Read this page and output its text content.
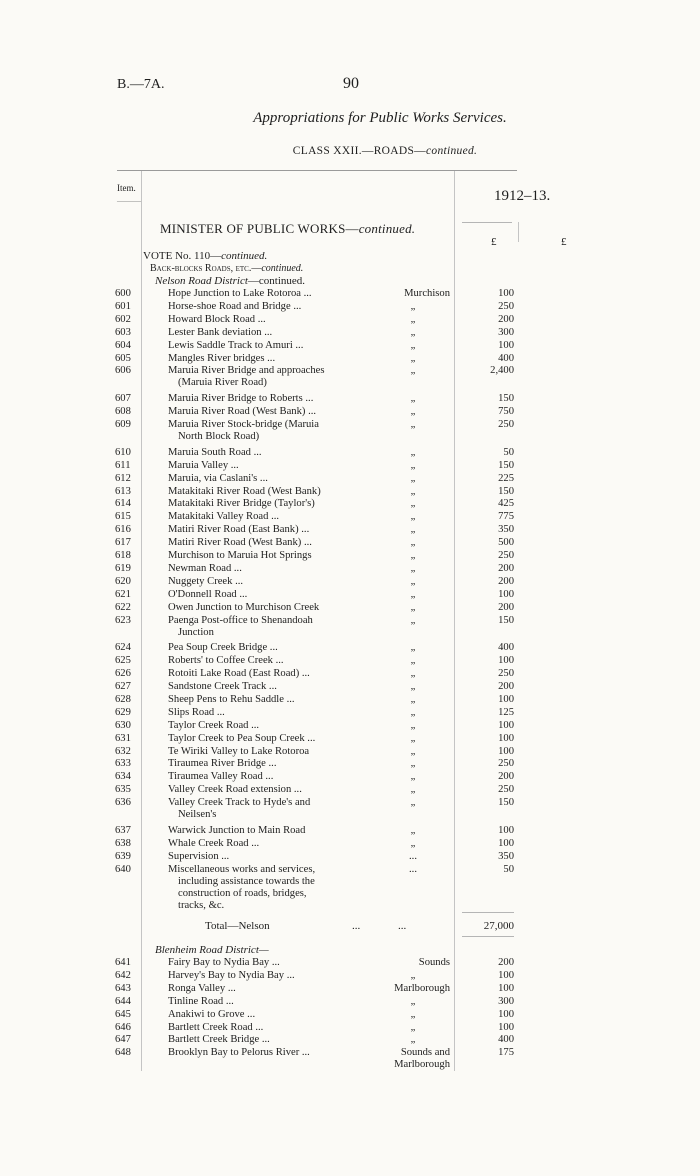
B.—7A.	90
Appropriations for Public Works Services.
CLASS XXII.—ROADS—continued.
Item.
———	1912–13.
MINISTER OF PUBLIC WORKS—continued.
£	£
VOTE No. 110—continued.
Back-blocks Roads, etc.—continued.
Nelson Road District—continued.
600	Hope Junction to Lake Rotoroa ...	Murchison	100
601	Horse-shoe Road and Bridge ...	„	250
602	Howard Block Road ...	„	200
603	Lester Bank deviation ...	„	300
604	Lewis Saddle Track to Amuri ...	„	100
605	Mangles River bridges ...	„	400
606	Maruia River Bridge and approaches
(Maruia River Road)
„	2,400
607	Maruia River Bridge to Roberts ...	„	150
608	Maruia River Road (West Bank) ...	„	750
609	Maruia River Stock-bridge (Maruia
North Block Road)
„	250
610	Maruia South Road ...	„	50
611	Maruia Valley ...	„	150
612	Maruia, via Caslani's ...	„	225
613	Matakitaki River Road (West Bank)	„	150
614	Matakitaki River Bridge (Taylor's)	„	425
615	Matakitaki Valley Road ...	„	775
616	Matiri River Road (East Bank) ...	„	350
617	Matiri River Road (West Bank) ...	„	500
618	Murchison to Maruia Hot Springs	„	250
619	Newman Road ...	„	200
620	Nuggety Creek ...	„	200
621	O'Donnell Road ...	„	100
622	Owen Junction to Murchison Creek	„	200
623	Paenga Post-office to Shenandoah
Junction
„	150
624	Pea Soup Creek Bridge ...	„	400
625	Roberts' to Coffee Creek ...	„	100
626	Rotoiti Lake Road (East Road) ...	„	250
627	Sandstone Creek Track ...	„	200
628	Sheep Pens to Rehu Saddle ...	„	100
629	Slips Road ...	„	125
630	Taylor Creek Road ...	„	100
631	Taylor Creek to Pea Soup Creek ...	„	100
632	Te Wiriki Valley to Lake Rotoroa	„	100
633	Tiraumea River Bridge ...	„	250
634	Tiraumea Valley Road ...	„	200
635	Valley Creek Road extension ...	„	250
636	Valley Creek Track to Hyde's and
Neilsen's
„	150
637	Warwick Junction to Main Road	„	100
638	Whale Creek Road ...	„	100
639	Supervision ...	...	350
640	Miscellaneous works and services,
including assistance towards the
construction of roads, bridges,
tracks, &c.
...	50
Total—Nelson	...	...	27,000
Blenheim Road District—
641	Fairy Bay to Nydia Bay ...	Sounds	200
642	Harvey's Bay to Nydia Bay ...	„	100
643	Ronga Valley ...	Marlborough	100
644	Tinline Road ...	„	300
645	Anakiwi to Grove ...	„	100
646	Bartlett Creek Road ...	„	100
647	Bartlett Creek Bridge ...	„	400
648	Brooklyn Bay to Pelorus River ...	Sounds and
Marlborough
175
